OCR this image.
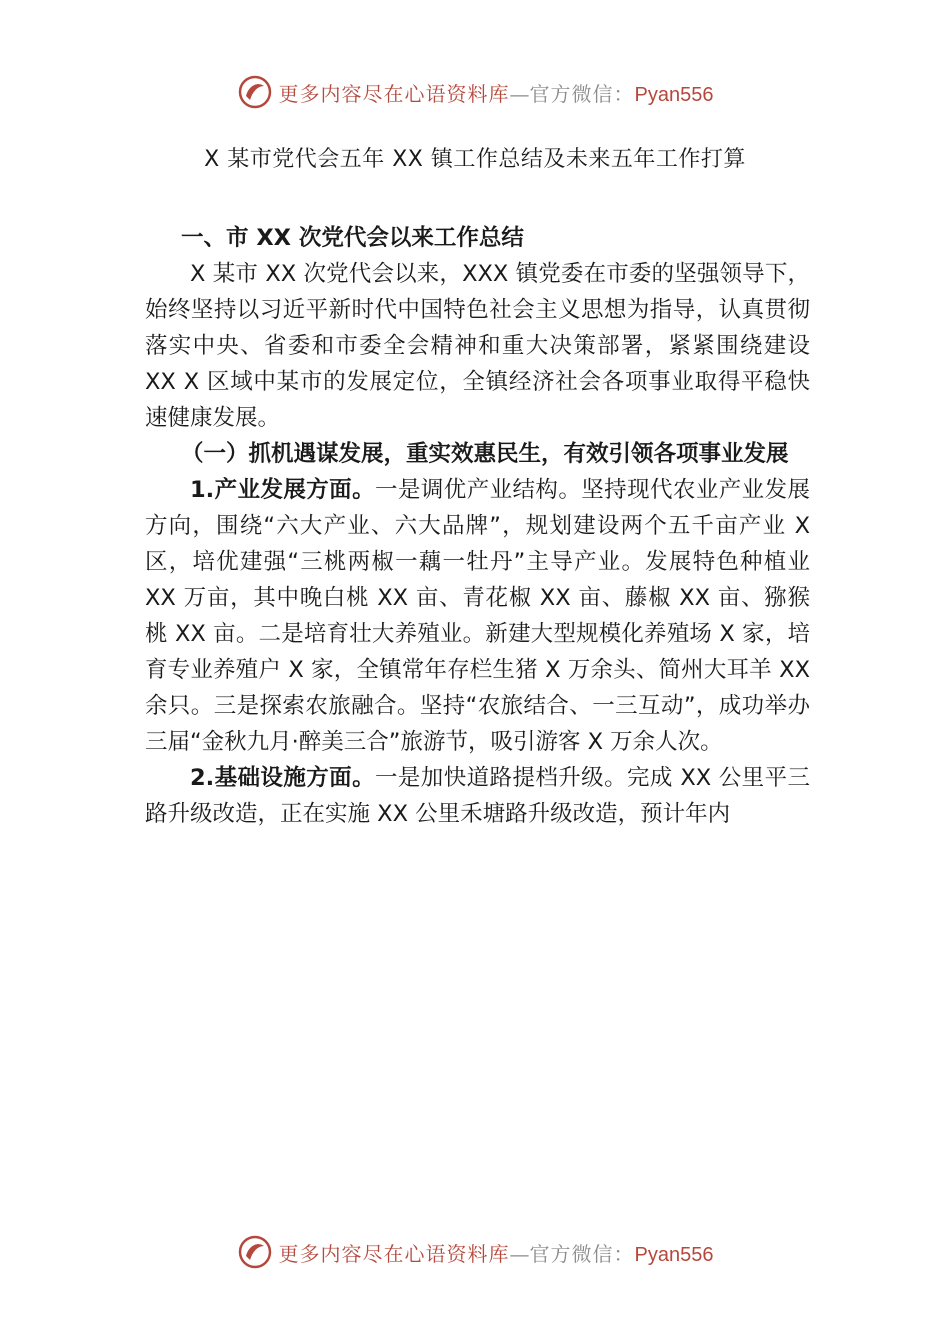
更多内容尽在心语资料库—官方微信：Pyan556
X 某市党代会五年 XX 镇工作总结及未来五年工作打算

一、市 XX 次党代会以来工作总结

X 某市 XX 次党代会以来，XXX 镇党委在市委的坚强领导下，始终坚持以习近平新时代中国特色社会主义思想为指导，认真贯彻落实中央、省委和市委全会精神和重大决策部署，紧紧围绕建设 XX X 区域中某市的发展定位，全镇经济社会各项事业取得平稳快速健康发展。

（一）抓机遇谋发展，重实效惠民生，有效引领各项事业发展

1.产业发展方面。一是调优产业结构。坚持现代农业产业发展方向，围绕“六大产业、六大品牌”，规划建设两个五千亩产业 X 区，培优建强“三桃两椒一藕一牡丹”主导产业。发展特色种植业 XX 万亩，其中晚白桃 XX 亩、青花椒 XX 亩、藤椒 XX 亩、猕猴桃 XX 亩。二是培育壮大养殖业。新建大型规模化养殖场 X 家，培育专业养殖户 X 家，全镇常年存栏生猪 X 万余头、简州大耳羊 XX 余只。三是探索农旅融合。坚持“农旅结合、一三互动”，成功举办三届“金秋九月·醉美三合”旅游节，吸引游客 X 万余人次。

2.基础设施方面。一是加快道路提档升级。完成 XX 公里平三路升级改造，正在实施 XX 公里禾塘路升级改造，预计年内

更多内容尽在心语资料库—官方微信：Pyan556
